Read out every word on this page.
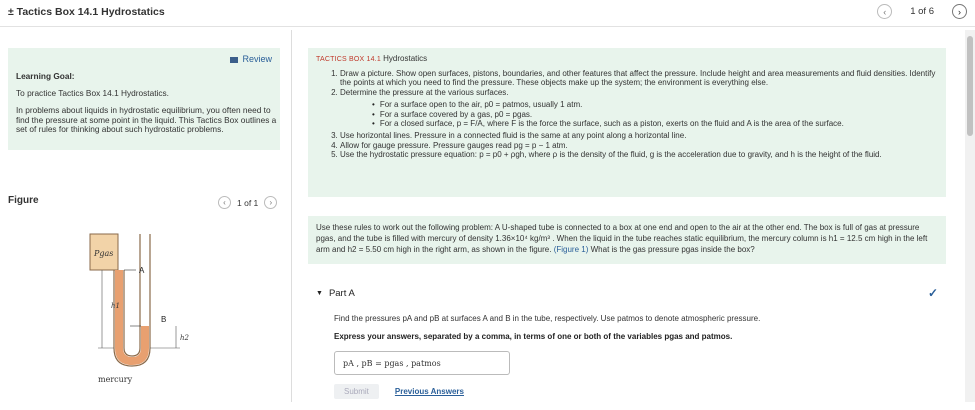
± Tactics Box 14.1 Hydrostatics	‹	1 of 6	›
Review
Learning Goal:
To practice Tactics Box 14.1 Hydrostatics.
In problems about liquids in hydrostatic equilibrium, you often need to find the pressure at some point in the liquid. This Tactics Box outlines a set of rules for thinking about such hydrostatic problems.
Figure	‹	1 of 1	›
Pgas
A
B
h1
h2
mercury
TACTICS BOX 14.1 Hydrostatics
1. Draw a picture. Show open surfaces, pistons, boundaries, and other features that affect the pressure. Include height and area measurements and fluid densities. Identify the points at which you need to find the pressure. These objects make up the system; the environment is everything else.
2. Determine the pressure at the various surfaces.
• For a surface open to the air, p0 = patmos, usually 1 atm.
• For a surface covered by a gas, p0 = pgas.
• For a closed surface, p = F/A, where F is the force the surface, such as a piston, exerts on the fluid and A is the area of the surface.
3. Use horizontal lines. Pressure in a connected fluid is the same at any point along a horizontal line.
4. Allow for gauge pressure. Pressure gauges read pg = p − 1 atm.
5. Use the hydrostatic pressure equation: p = p0 + ρgh, where ρ is the density of the fluid, g is the acceleration due to gravity, and h is the height of the fluid.
Use these rules to work out the following problem: A U-shaped tube is connected to a box at one end and open to the air at the other end. The box is full of gas at pressure pgas, and the tube is filled with mercury of density 1.36×10⁴ kg/m³ . When the liquid in the tube reaches static equilibrium, the mercury column is h1 = 12.5 cm high in the left arm and h2 = 5.50 cm high in the right arm, as shown in the figure. (Figure 1) What is the gas pressure pgas inside the box?
▼ Part A	✓
Find the pressures pA and pB at surfaces A and B in the tube, respectively. Use patmos to denote atmospheric pressure.
Express your answers, separated by a comma, in terms of one or both of the variables pgas and patmos.
pA , pB = pgas , patmos
Submit	Previous Answers
